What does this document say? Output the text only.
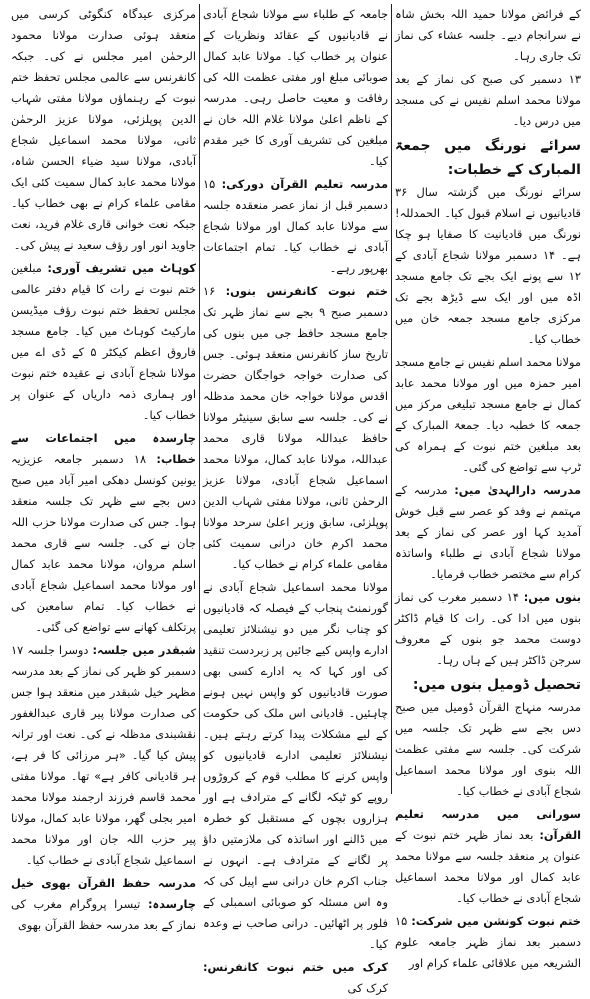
کے فرائض مولانا حمید اللہ بخش شاہ نے سرانجام دیے۔ جلسہ عشاء کی نماز تک جاری رہا۔

۱۳ دسمبر کی صبح کی نماز کے بعد مولانا محمد اسلم نفیس نے کی مسجد میں درس دیا۔

سرائے نورنگ میں جمعۃ المبارک کے خطبات:
سرائے نورنگ میں گزشتہ سال ۳۶ قادیانیوں نے اسلام قبول کیا۔ الحمدللہ! نورنگ میں قادیانیت کا صفایا ہو چکا ہے۔ ۱۴ دسمبر مولانا شجاع آبادی کے ۱۲ سے پونے ایک بجے تک جامع مسجد اڈہ میں اور ایک سے ڈیڑھ بجے تک مرکزی جامع مسجد جمعہ خان میں خطاب کیا۔

مولانا محمد اسلم نفیس نے جامع مسجد امیر حمزہ میں اور مولانا محمد عابد کمال نے جامع مسجد تبلیغی مرکز میں جمعہ کا خطبہ دیا۔ جمعۃ المبارک کے بعد مبلغین ختم نبوت کے ہمراہ کی ٹرپ سے تواضع کی گئی۔

مدرسہ دارالہدیٰ میں: مدرسہ کے مہتمم نے وفد کو عصر سے قبل خوش آمدید کہا اور عصر کی نماز کے بعد مولانا شجاع آبادی نے طلباء واساتذہ کرام سے مختصر خطاب فرمایا۔

بنوں میں: ۱۴ دسمبر مغرب کی نماز بنوں میں ادا کی۔ رات کا قیام ڈاکٹر دوست محمد جو بنوں کے معروف سرجن ڈاکٹر ہیں کے ہاں رہا۔

تحصیل ڈومیل بنوں میں:
مدرسہ منہاج القرآن ڈومیل میں صبح دس بجے سے ظہر تک جلسہ میں شرکت کی۔ جلسہ سے مفتی عظمت اللہ بنوی اور مولانا محمد اسماعیل شجاع آبادی نے خطاب کیا۔

سورانی میں مدرسہ تعلیم القرآن: بعد نماز ظہر ختم نبوت کے عنوان پر منعقد جلسہ سے مولانا محمد عابد کمال اور مولانا محمد اسماعیل شجاع آبادی نے خطاب کیا۔

ختم نبوت کونشن میں شرکت: ۱۵ دسمبر بعد نماز ظہر جامعہ علوم الشریعہ میں علاقائی علماء کرام اور

جامعہ کے طلباء سے مولانا شجاع آبادی نے قادیانیوں کے عقائد ونظریات کے عنوان پر خطاب کیا۔ مولانا عابد کمال صوبائی مبلغ اور مفتی عظمت اللہ کی رفاقت و معیت حاصل رہی۔ مدرسہ کے ناظم اعلیٰ مولانا غلام اللہ خان نے مبلغین کی تشریف آوری کا خیر مقدم کیا۔

مدرسہ تعلیم القرآن دورکی: ۱۵ دسمبر قبل از نماز عصر منعقدہ جلسہ سے مولانا عابد کمال اور مولانا شجاع آبادی نے خطاب کیا۔ تمام اجتماعات بھرپور رہے۔

ختم نبوت کانفرنس بنوں: ۱۶ دسمبر صبح ۹ بجے سے نماز ظہر تک جامع مسجد حافظ جی میں بنوں کی تاریخ ساز کانفرنس منعقد ہوئی۔ جس کی صدارت خواجہ خواجگان حضرت اقدس مولانا خواجہ خان محمد مدظلہ نے کی۔ جلسہ سے سابق سینیٹر مولانا حافظ عبداللہ مولانا قاری محمد عبداللہ، مولانا عابد کمال، مولانا محمد اسماعیل شجاع آبادی، مولانا عزیز الرحمٰن ثانی، مولانا مفتی شہاب الدین پوپلزئی، سابق وزیر اعلیٰ سرحد مولانا محمد اکرم خان درانی سمیت کئی مقامی علماء کرام نے خطاب کیا۔

مولانا محمد اسماعیل شجاع آبادی نے گورنمنٹ پنجاب کے فیصلہ کہ قادیانیوں کو چناب نگر میں دو نیشنلائز تعلیمی ادارے واپس کیے جائیں پر زبردست تنقید کی اور کہا کہ یہ ادارے کسی بھی صورت قادیانیوں کو واپس نہیں ہونے چاہئیں۔ قادیانی اس ملک کی حکومت کے لیے مشکلات پیدا کرتے رہتے ہیں۔ نیشنلائز تعلیمی ادارے قادیانیوں کو واپس کرنے کا مطلب قوم کے کروڑوں روپے کو ٹیکہ لگانے کے مترادف ہے اور ہزاروں بچوں کے مستقبل کو خطرہ میں ڈالنے اور اساتذہ کی ملازمتیں داؤ پر لگانے کے مترادف ہے۔ انہوں نے جناب اکرم خان درانی سے اپیل کی کہ وہ اس مسئلہ کو صوبائی اسمبلی کے فلور پر اٹھائیں۔ درانی صاحب نے وعدہ کیا۔

کرک میں ختم نبوت کانفرنس: کرک کی

مرکزی عیدگاہ کنگوٹی کرسی میں منعقد ہوئی صدارت مولانا محمود الرحمٰن امیر مجلس نے کی۔ جبکہ کانفرنس سے عالمی مجلس تحفظ ختم نبوت کے رہنماؤں مولانا مفتی شہاب الدین پوپلزئی، مولانا عزیز الرحمٰن ثانی، مولانا محمد اسماعیل شجاع آبادی، مولانا سید ضیاء الحسن شاہ، مولانا محمد عابد کمال سمیت کئی ایک مقامی علماء کرام نے بھی خطاب کیا۔ جبکہ نعت خوانی قاری غلام فرید، نعت جاوید انور اور رؤف سعید نے پیش کی۔

کوہاٹ میں تشریف آوری: مبلغین ختم نبوت نے رات کا قیام دفتر عالمی مجلس تحفظ ختم نبوت رؤف میڈیسن مارکیٹ کوہاٹ میں کیا۔ جامع مسجد فاروق اعظم کیکٹر ۵ کے ڈی اے میں مولانا شجاع آبادی نے عقیدہ ختم نبوت اور ہماری ذمہ داریاں کے عنوان پر خطاب کیا۔

چارسدہ میں اجتماعات سے خطاب: ۱۸ دسمبر جامعہ عزیزیہ یونین کونسل دھکی امیر آباد میں صبح دس بجے سے ظہر تک جلسہ منعقد ہوا۔ جس کی صدارت مولانا حزب اللہ جان نے کی۔ جلسہ سے قاری محمد اسلم مروان، مولانا محمد عابد کمال اور مولانا محمد اسماعیل شجاع آبادی نے خطاب کیا۔ تمام سامعین کی پرتکلف کھانے سے تواضع کی گئی۔

شبقدر میں جلسہ: دوسرا جلسہ ۱۷ دسمبر کو ظہر کی نماز کے بعد مدرسہ مظہر خیل شبقدر میں منعقد ہوا جس کی صدارت مولانا پیر قاری عبدالغفور نقشبندی مدظلہ نے کی۔ نعت اور ترانہ پیش کیا گیا۔ «ہر مرزائی کا فر ہے، ہر قادیانی کافر ہے» تھا۔ مولانا مفتی محمد قاسم فرزند ارجمند مولانا محمد امیر بجلی گھر، مولانا عابد کمال، مولانا پیر حزب اللہ جان اور مولانا محمد اسماعیل شجاع آبادی نے خطاب کیا۔

مدرسہ حفظ القرآن بھوی خیل چارسدہ: تیسرا پروگرام مغرب کی نماز کے بعد مدرسہ حفظ القرآن بھوی
